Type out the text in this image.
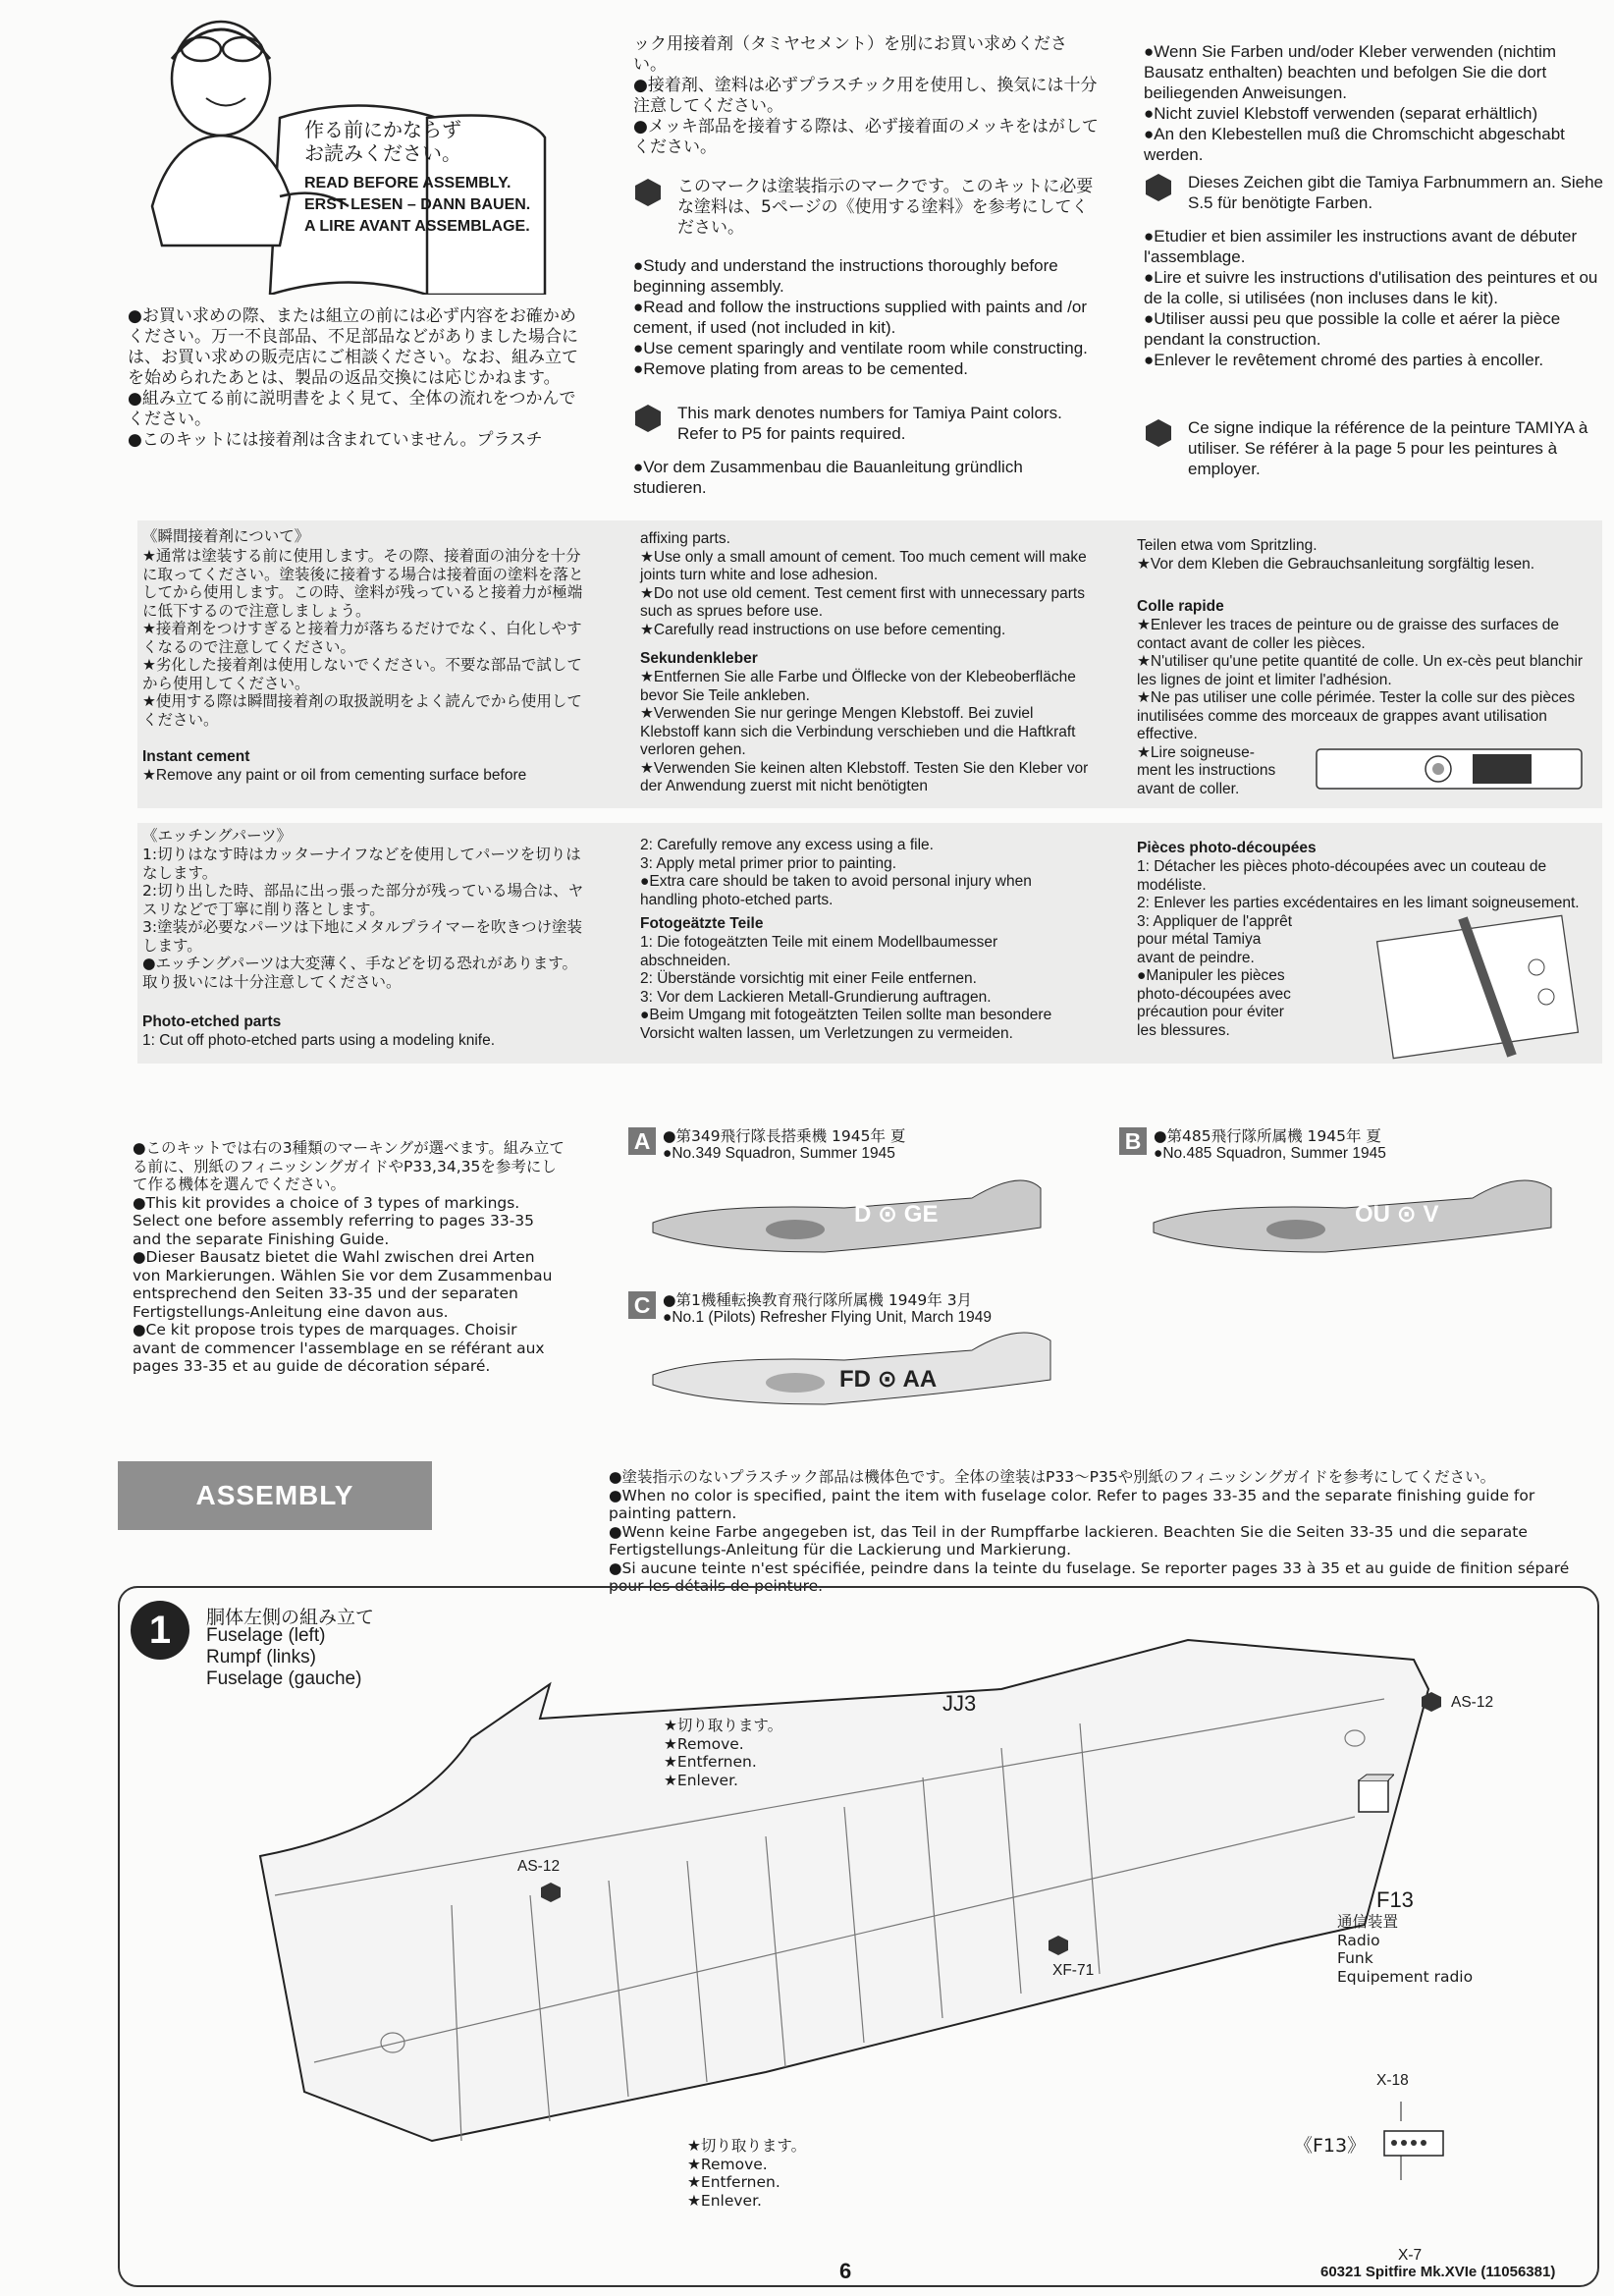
作る前にかならず
お読みください。
READ BEFORE ASSEMBLY.
ERST LESEN – DANN BAUEN.
A LIRE AVANT ASSEMBLAGE.
●お買い求めの際、または組立の前には必ず内容をお確かめください。万一不良部品、不足部品などがありました場合には、お買い求めの販売店にご相談ください。なお、組み立てを始められたあとは、製品の返品交換には応じかねます。
●組み立てる前に説明書をよく見て、全体の流れをつかんでください。
●このキットには接着剤は含まれていません。プラスチ
ック用接着剤（タミヤセメント）を別にお買い求めください。
●接着剤、塗料は必ずプラスチック用を使用し、換気には十分注意してください。
●メッキ部品を接着する際は、必ず接着面のメッキをはがしてください。
このマークは塗装指示のマークです。このキットに必要な塗料は、5ページの《使用する塗料》を参考にしてください。
●Study and understand the instructions thoroughly before beginning assembly.
●Read and follow the instructions supplied with paints and /or cement, if used (not included in kit).
●Use cement sparingly and ventilate room while constructing.
●Remove plating from areas to be cemented.
This mark denotes numbers for Tamiya Paint colors. Refer to P5 for paints required.
●Vor dem Zusammenbau die Bauanleitung gründlich studieren.
●Wenn Sie Farben und/oder Kleber verwenden (nichtim Bausatz enthalten) beachten und befolgen Sie die dort beiliegenden Anweisungen.
●Nicht zuviel Klebstoff verwenden (separat erhältlich)
●An den Klebestellen muß die Chromschicht abgeschabt werden.
Dieses Zeichen gibt die Tamiya Farbnummern an. Siehe S.5 für benötigte Farben.
●Etudier et bien assimiler les instructions avant de débuter l'assemblage.
●Lire et suivre les instructions d'utilisation des peintures et ou de la colle, si utilisées (non incluses dans le kit).
●Utiliser aussi peu que possible la colle et aérer la pièce pendant la construction.
●Enlever le revêtement chromé des parties à encoller.
Ce signe indique la référence de la peinture TAMIYA à utiliser. Se référer à la page 5 pour les peintures à employer.
《瞬間接着剤について》
★通常は塗装する前に使用します。その際、接着面の油分を十分に取ってください。塗装後に接着する場合は接着面の塗料を落としてから使用します。この時、塗料が残っていると接着力が極端に低下するので注意しましょう。
★接着剤をつけすぎると接着力が落ちるだけでなく、白化しやすくなるので注意してください。
★劣化した接着剤は使用しないでください。不要な部品で試してから使用してください。
★使用する際は瞬間接着剤の取扱説明をよく読んでから使用してください。
Instant cement
★Remove any paint or oil from cementing surface before
affixing parts.
★Use only a small amount of cement. Too much cement will make joints turn white and lose adhesion.
★Do not use old cement. Test cement first with unnecessary parts such as sprues before use.
★Carefully read instructions on use before cementing.
Sekundenkleber
★Entfernen Sie alle Farbe und Ölflecke von der Klebeoberfläche bevor Sie Teile ankleben.
★Verwenden Sie nur geringe Mengen Klebstoff. Bei zuviel Klebstoff kann sich die Verbindung verschieben und die Haftkraft verloren gehen.
★Verwenden Sie keinen alten Klebstoff. Testen Sie den Kleber vor der Anwendung zuerst mit nicht benötigten
Teilen etwa vom Spritzling.
★Vor dem Kleben die Gebrauchsanleitung sorgfältig lesen.
Colle rapide
★Enlever les traces de peinture ou de graisse des surfaces de contact avant de coller les pièces.
★N'utiliser qu'une petite quantité de colle. Un ex-cès peut blanchir les lignes de joint et limiter l'adhésion.
★Ne pas utiliser une colle périmée. Tester la colle sur des pièces inutilisées comme des morceaux de grappes avant utilisation effective.
★Lire soigneuse-
ment les instructions
avant de coller.
《エッチングパーツ》
1:切りはなす時はカッターナイフなどを使用してパーツを切りはなします。
2:切り出した時、部品に出っ張った部分が残っている場合は、ヤスリなどで丁寧に削り落とします。
3:塗装が必要なパーツは下地にメタルプライマーを吹きつけ塗装します。
●エッチングパーツは大変薄く、手などを切る恐れがあります。取り扱いには十分注意してください。
Photo-etched parts
1: Cut off photo-etched parts using a modeling knife.
2: Carefully remove any excess using a file.
3: Apply metal primer prior to painting.
●Extra care should be taken to avoid personal injury when handling photo-etched parts.
Fotogeätzte Teile
1: Die fotogeätzten Teile mit einem Modellbaumesser abschneiden.
2: Überstände vorsichtig mit einer Feile entfernen.
3: Vor dem Lackieren Metall-Grundierung auftragen.
●Beim Umgang mit fotogeätzten Teilen sollte man besondere Vorsicht walten lassen, um Verletzungen zu vermeiden.
Pièces photo-découpées
1: Détacher les pièces photo-découpées avec un couteau de modéliste.
2: Enlever les parties excédentaires en les limant soigneusement.
3: Appliquer de l'apprêt
pour métal Tamiya
avant de peindre.
●Manipuler les pièces
photo-découpées avec
précaution pour éviter
les blessures.
●このキットでは右の3種類のマーキングが選べます。組み立てる前に、別紙のフィニッシングガイドやP33,34,35を参考にして作る機体を選んでください。
●This kit provides a choice of 3 types of markings. Select one before assembly referring to pages 33-35 and the separate Finishing Guide.
●Dieser Bausatz bietet die Wahl zwischen drei Arten von Markierungen. Wählen Sie vor dem Zusammenbau entsprechend den Seiten 33-35 und der separaten Fertigstellungs-Anleitung eine davon aus.
●Ce kit propose trois types de marquages. Choisir avant de commencer l'assemblage en se référant aux pages 33-35 et au guide de décoration séparé.
A ●第349飛行隊長搭乗機 1945年 夏
●No.349 Squadron, Summer 1945
D ⊙ GE
B ●第485飛行隊所属機 1945年 夏
●No.485 Squadron, Summer 1945
OU ⊙ V
C ●第1機種転換教育飛行隊所属機 1949年 3月
●No.1 (Pilots) Refresher Flying Unit, March 1949
FD ⊙ AA
ASSEMBLY
●塗装指示のないプラスチック部品は機体色です。全体の塗装はP33～P35や別紙のフィニッシングガイドを参考にしてください。
●When no color is specified, paint the item with fuselage color. Refer to pages 33-35 and the separate finishing guide for painting pattern.
●Wenn keine Farbe angegeben ist, das Teil in der Rumpffarbe lackieren. Beachten Sie die Seiten 33-35 und die separate Fertigstellungs-Anleitung für die Lackierung und Markierung.
●Si aucune teinte n'est spécifiée, peindre dans la teinte du fuselage. Se reporter pages 33 à 35 et au guide de finition séparé pour les détails de peinture.
1	胴体左側の組み立て
Fuselage (left)
Rumpf (links)
Fuselage (gauche)
★切り取ります。
★Remove.
★Entfernen.
★Enlever.
★切り取ります。
★Remove.
★Entfernen.
★Enlever.
JJ3
AS-12
AS-12
XF-71
F13
通信装置
Radio
Funk
Equipement radio
X-18
《F13》
X-7
6	60321 Spitfire Mk.XVIe (11056381)
